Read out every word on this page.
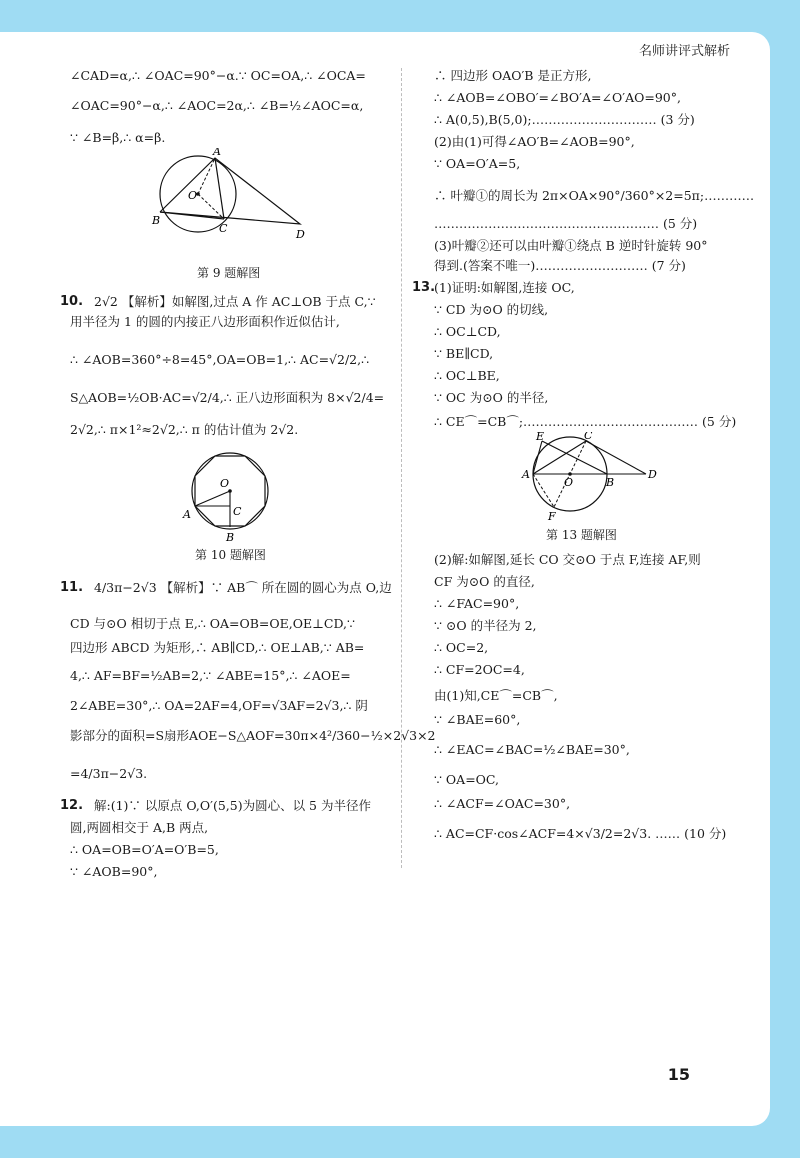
名师讲评式解析
∠CAD=α,∴ ∠OAC=90°−α.∵ OC=OA,∴ ∠OCA=
∠OAC=90°−α,∴ ∠AOC=2α,∴ ∠B=½∠AOC=α,
∵ ∠B=β,∴ α=β.
A
O
B
C	D
第 9 题解图
10. 2√2 【解析】如解图,过点 A 作 AC⊥OB 于点 C,∵
用半径为 1 的圆的内接正八边形面积作近似估计,
∴ ∠AOB=360°÷8=45°,OA=OB=1,∴ AC=√2/2,∴
S△AOB=½OB·AC=√2/4,∴ 正八边形面积为 8×√2/4=
2√2,∴ π×1²≈2√2,∴ π 的估计值为 2√2.
O
A	C
B
第 10 题解图
11. 4/3π−2√3 【解析】∵ AB⌒ 所在圆的圆心为点 O,边
CD 与⊙O 相切于点 E,∴ OA=OB=OE,OE⊥CD,∵
四边形 ABCD 为矩形,∴ AB∥CD,∴ OE⊥AB,∵ AB=
4,∴ AF=BF=½AB=2,∵ ∠ABE=15°,∴ ∠AOE=
2∠ABE=30°,∴ OA=2AF=4,OF=√3AF=2√3,∴ 阴
影部分的面积=S扇形AOE−S△AOF=30π×4²/360−½×2√3×2
=4/3π−2√3.
12. 解:(1)∵ 以原点 O,O′(5,5)为圆心、以 5 为半径作
圆,两圆相交于 A,B 两点,
∴ OA=OB=O′A=O′B=5,
∵ ∠AOB=90°,
∴ 四边形 OAO′B 是正方形,
∴ ∠AOB=∠OBO′=∠BO′A=∠O′AO=90°,
∴ A(0,5),B(5,0);………………………… (3 分)
(2)由(1)可得∠AO′B=∠AOB=90°,
∵ OA=O′A=5,
∴ 叶瓣①的周长为 2π×OA×90°/360°×2=5π;…………
……………………………………………… (5 分)
(3)叶瓣②还可以由叶瓣①绕点 B 逆时针旋转 90°
得到.(答案不唯一)……………………… (7 分)
13.
(1)证明:如解图,连接 OC,
∵ CD 为⊙O 的切线,
∴ OC⊥CD,
∵ BE∥CD,
∴ OC⊥BE,
∵ OC 为⊙O 的半径,
∴ CE⌒=CB⌒;…………………………………… (5 分)
E	C
A
O	B
D
F
第 13 题解图
(2)解:如解图,延长 CO 交⊙O 于点 F,连接 AF,则
CF 为⊙O 的直径,
∴ ∠FAC=90°,
∵ ⊙O 的半径为 2,
∴ OC=2,
∴ CF=2OC=4,
由(1)知,CE⌒=CB⌒,
∵ ∠BAE=60°,
∴ ∠EAC=∠BAC=½∠BAE=30°,
∵ OA=OC,
∴ ∠ACF=∠OAC=30°,
∴ AC=CF·cos∠ACF=4×√3/2=2√3. …… (10 分)
15
